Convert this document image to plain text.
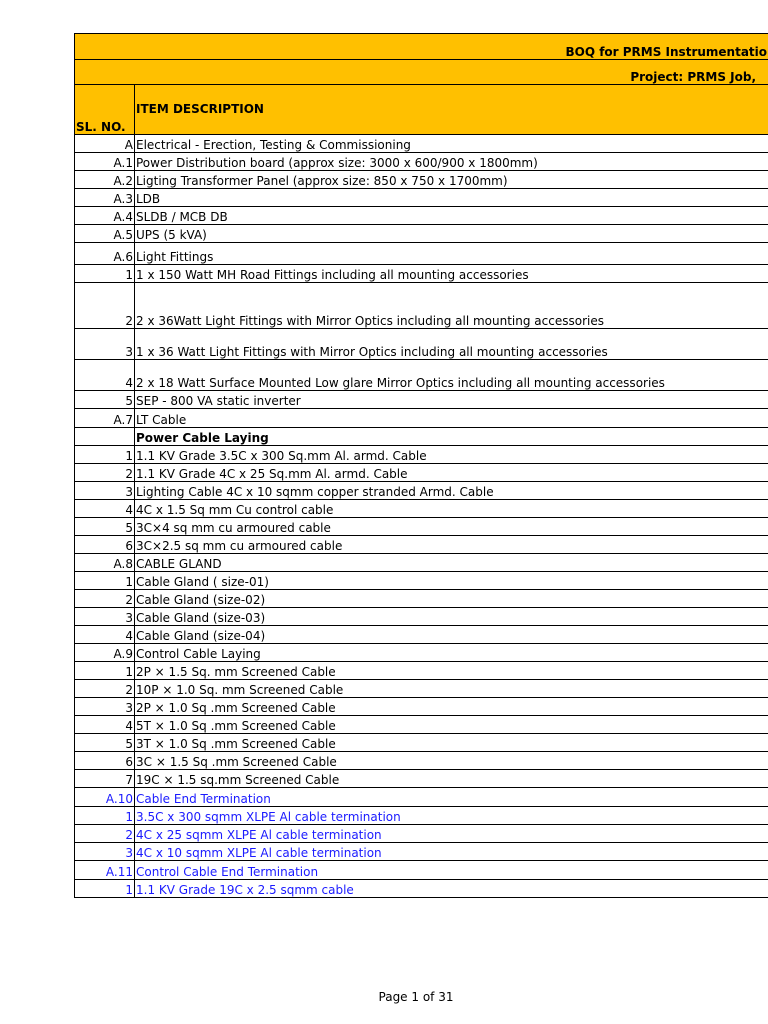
BOQ for PRMS Instrumentatio	
Project: PRMS Job,	
SL. NO.	ITEM DESCRIPTION
A	Electrical - Erection, Testing & Commissioning
A.1	Power Distribution board (approx size: 3000 x 600/900 x 1800mm)
A.2	Ligting Transformer Panel (approx size: 850 x 750 x 1700mm)
A.3	LDB
A.4	SLDB / MCB DB
A.5	UPS (5 kVA)
A.6	Light Fittings
1	1 x 150 Watt MH Road Fittings including all mounting accessories
2	2 x 36Watt Light Fittings with Mirror Optics including all mounting accessories
3	1 x 36 Watt Light Fittings with Mirror Optics including all mounting accessories
4	2 x 18 Watt Surface Mounted Low glare Mirror Optics including all mounting accessories
5	SEP - 800 VA static inverter
A.7	LT Cable
	Power Cable Laying
1	1.1 KV Grade 3.5C x 300 Sq.mm Al. armd. Cable
2	1.1 KV Grade 4C x 25 Sq.mm Al. armd. Cable
3	Lighting Cable 4C x 10 sqmm copper stranded Armd. Cable
4	4C x 1.5 Sq mm Cu control cable
5	3C×4 sq mm cu armoured cable
6	3C×2.5 sq mm cu armoured cable
A.8	CABLE GLAND
1	Cable Gland ( size-01)
2	Cable Gland (size-02)
3	Cable Gland (size-03)
4	Cable Gland (size-04)
A.9	Control Cable Laying
1	2P × 1.5 Sq. mm Screened Cable
2	10P × 1.0 Sq. mm Screened Cable
3	2P × 1.0 Sq .mm Screened Cable
4	5T × 1.0 Sq .mm Screened Cable
5	3T × 1.0 Sq .mm Screened Cable
6	3C × 1.5 Sq .mm Screened Cable
7	19C × 1.5 sq.mm Screened Cable
A.10	Cable End Termination
1	3.5C x 300 sqmm XLPE Al cable termination
2	4C x 25 sqmm XLPE Al cable termination
3	4C x 10 sqmm XLPE Al cable termination
A.11	Control Cable End Termination
1	1.1 KV Grade 19C x 2.5 sqmm cable
Page 1 of 31
